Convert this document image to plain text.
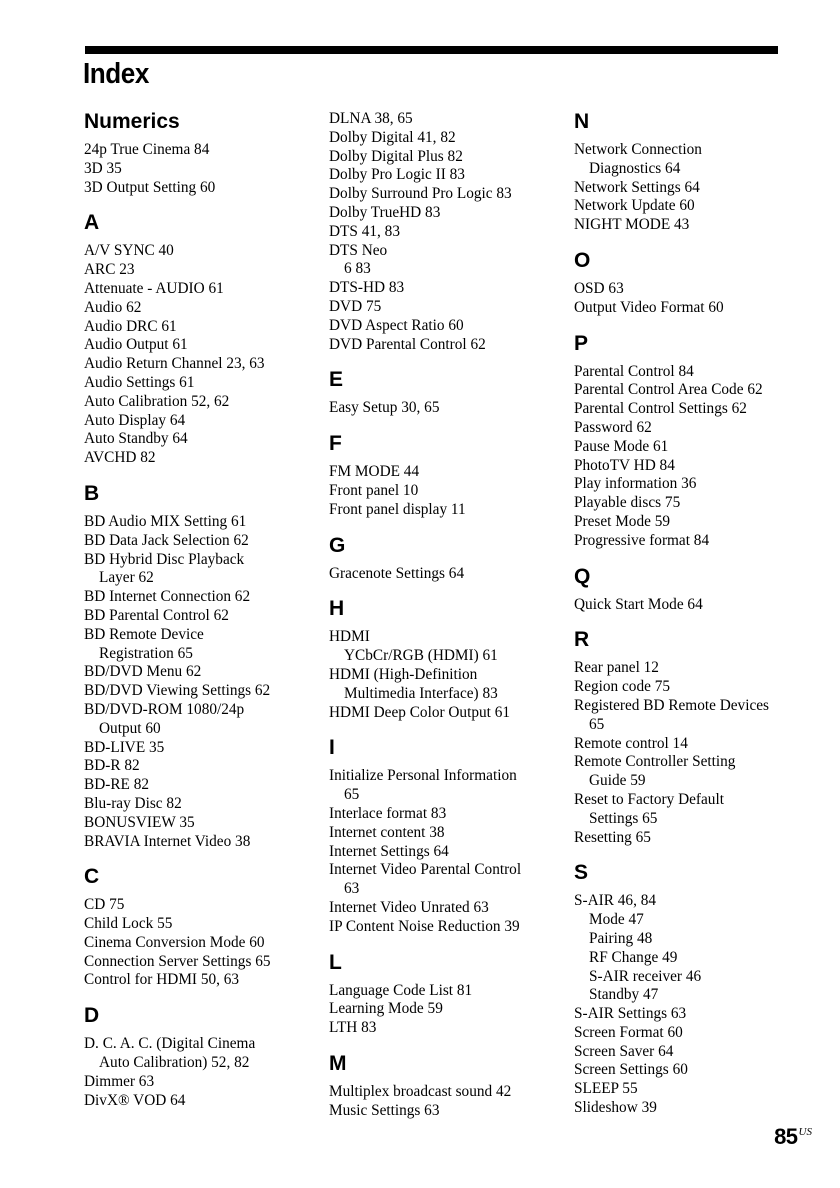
Index
Numerics
24p True Cinema 84
3D 35
3D Output Setting 60
A
A/V SYNC 40
ARC 23
Attenuate - AUDIO 61
Audio 62
Audio DRC 61
Audio Output 61
Audio Return Channel 23, 63
Audio Settings 61
Auto Calibration 52, 62
Auto Display 64
Auto Standby 64
AVCHD 82
B
BD Audio MIX Setting 61
BD Data Jack Selection 62
BD Hybrid Disc Playback
Layer 62
BD Internet Connection 62
BD Parental Control 62
BD Remote Device
Registration 65
BD/DVD Menu 62
BD/DVD Viewing Settings 62
BD/DVD-ROM 1080/24p
Output 60
BD-LIVE 35
BD-R 82
BD-RE 82
Blu-ray Disc 82
BONUSVIEW 35
BRAVIA Internet Video 38
C
CD 75
Child Lock 55
Cinema Conversion Mode 60
Connection Server Settings 65
Control for HDMI 50, 63
D
D. C. A. C. (Digital Cinema
Auto Calibration) 52, 82
Dimmer 63
DivX® VOD 64
DLNA 38, 65
Dolby Digital 41, 82
Dolby Digital Plus 82
Dolby Pro Logic II 83
Dolby Surround Pro Logic 83
Dolby TrueHD 83
DTS 41, 83
DTS Neo
6 83
DTS-HD 83
DVD 75
DVD Aspect Ratio 60
DVD Parental Control 62
E
Easy Setup 30, 65
F
FM MODE 44
Front panel 10
Front panel display 11
G
Gracenote Settings 64
H
HDMI
YCbCr/RGB (HDMI) 61
HDMI (High-Definition
Multimedia Interface) 83
HDMI Deep Color Output 61
I
Initialize Personal Information
65
Interlace format 83
Internet content 38
Internet Settings 64
Internet Video Parental Control
63
Internet Video Unrated 63
IP Content Noise Reduction 39
L
Language Code List 81
Learning Mode 59
LTH 83
M
Multiplex broadcast sound 42
Music Settings 63
N
Network Connection
Diagnostics 64
Network Settings 64
Network Update 60
NIGHT MODE 43
O
OSD 63
Output Video Format 60
P
Parental Control 84
Parental Control Area Code 62
Parental Control Settings 62
Password 62
Pause Mode 61
PhotoTV HD 84
Play information 36
Playable discs 75
Preset Mode 59
Progressive format 84
Q
Quick Start Mode 64
R
Rear panel 12
Region code 75
Registered BD Remote Devices
65
Remote control 14
Remote Controller Setting
Guide 59
Reset to Factory Default
Settings 65
Resetting 65
S
S-AIR 46, 84
Mode 47
Pairing 48
RF Change 49
S-AIR receiver 46
Standby 47
S-AIR Settings 63
Screen Format 60
Screen Saver 64
Screen Settings 60
SLEEP 55
Slideshow 39
$85^{US}$
